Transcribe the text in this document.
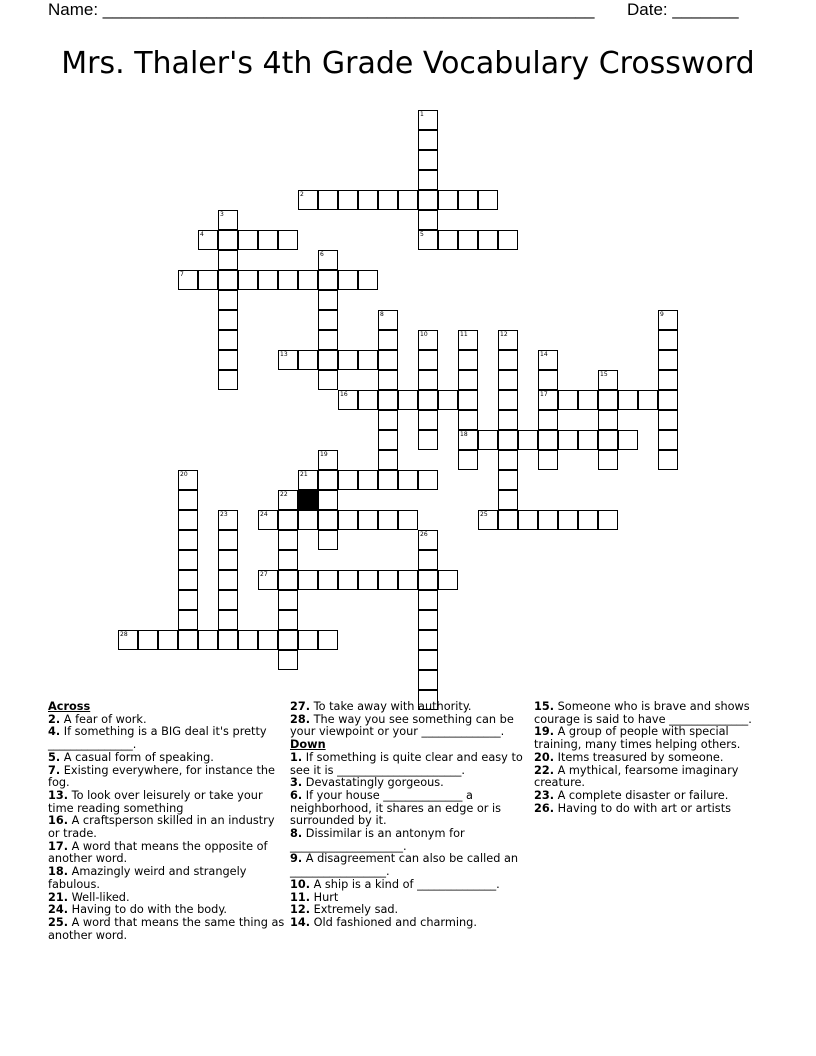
Name: ____________________________________________________ Date: _______
Mrs. Thaler's 4th Grade Vocabulary Crossword
1
5
2
3
4
6
7
8	9
10	11
18
12
13	14
17
15
16
19
20	21
22
23	24	25
26
27
28
Across
2. A fear of work.
4. If something is a BIG deal it's pretty _______________.
5. A casual form of speaking.
7. Existing everywhere, for instance the fog.
13. To look over leisurely or take your time reading something
16. A craftsperson skilled in an industry or trade.
17. A word that means the opposite of another word.
18. Amazingly weird and strangely fabulous.
21. Well-liked.
24. Having to do with the body.
25. A word that means the same thing as another word.
27. To take away with authority.
28. The way you see something can be your viewpoint or your ______________.
Down
1. If something is quite clear and easy to see it is ______________________.
3. Devastatingly gorgeous.
6. If your house ______________ a neighborhood, it shares an edge or is surrounded by it.
8. Dissimilar is an antonym for ____________________.
9. A disagreement can also be called an _________________.
10. A ship is a kind of ______________.
11. Hurt
12. Extremely sad.
14. Old fashioned and charming.
15. Someone who is brave and shows courage is said to have ______________.
19. A group of people with special training, many times helping others.
20. Items treasured by someone.
22. A mythical, fearsome imaginary creature.
23. A complete disaster or failure.
26. Having to do with art or artists
